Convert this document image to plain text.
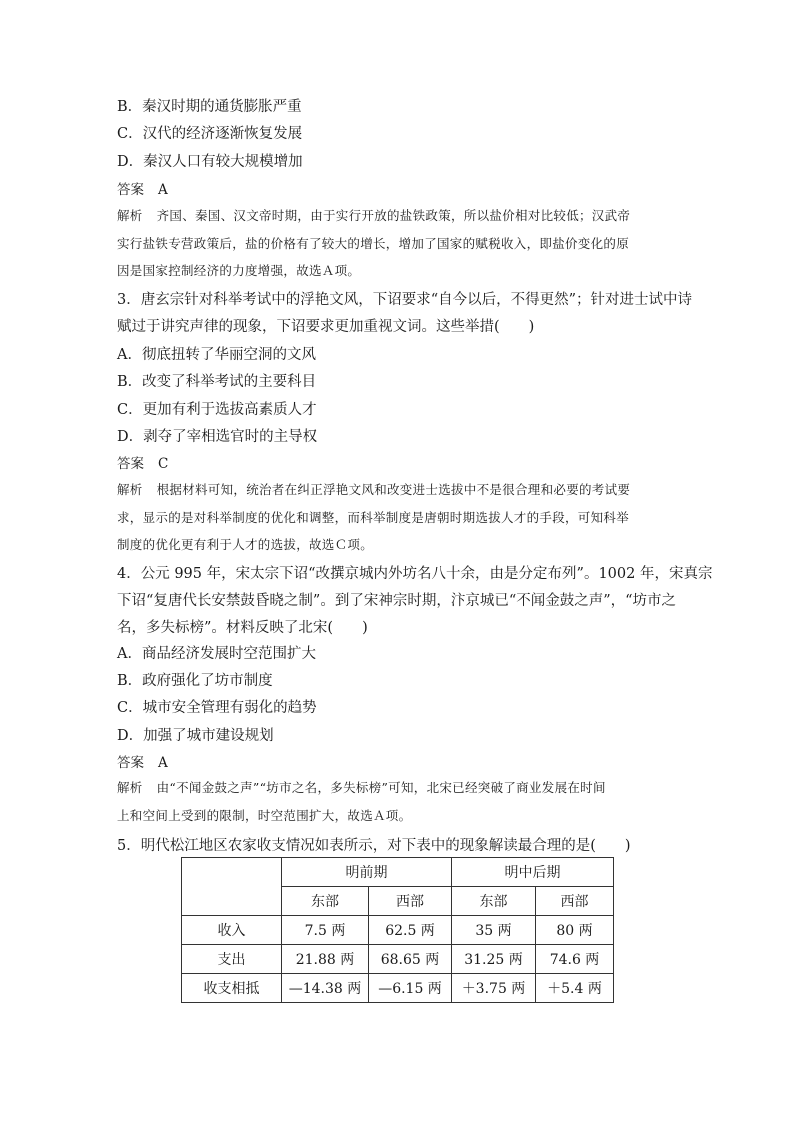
B．秦汉时期的通货膨胀严重
C．汉代的经济逐渐恢复发展
D．秦汉人口有较大规模增加
答案 A
解析 齐国、秦国、汉文帝时期，由于实行开放的盐铁政策，所以盐价相对比较低；汉武帝
实行盐铁专营政策后，盐的价格有了较大的增长，增加了国家的赋税收入，即盐价变化的原
因是国家控制经济的力度增强，故选Ａ项。
3．唐玄宗针对科举考试中的浮艳文风，下诏要求“自今以后，不得更然”；针对进士试中诗
赋过于讲究声律的现象，下诏要求更加重视文词。这些举措(　　)
A．彻底扭转了华丽空洞的文风
B．改变了科举考试的主要科目
C．更加有利于选拔高素质人才
D．剥夺了宰相选官时的主导权
答案 C
解析 根据材料可知，统治者在纠正浮艳文风和改变进士选拔中不是很合理和必要的考试要
求，显示的是对科举制度的优化和调整，而科举制度是唐朝时期选拔人才的手段，可知科举
制度的优化更有利于人才的选拔，故选Ｃ项。
4．公元 995 年，宋太宗下诏“改撰京城内外坊名八十余，由是分定布列”。1002 年，宋真宗
下诏“复唐代长安禁鼓昏晓之制”。到了宋神宗时期，汴京城已“不闻金鼓之声”，“坊市之
名，多失标榜”。材料反映了北宋(　　)
A．商品经济发展时空范围扩大
B．政府强化了坊市制度
C．城市安全管理有弱化的趋势
D．加强了城市建设规划
答案 A
解析 由“不闻金鼓之声”“坊市之名，多失标榜”可知，北宋已经突破了商业发展在时间
上和空间上受到的限制，时空范围扩大，故选Ａ项。
5．明代松江地区农家收支情况如表所示，对下表中的现象解读最合理的是(　　)
	明前期		明中后期	
	东部	西部	东部	西部
收入	7.5 两	62.5 两	35 两	80 两
支出	21.88 两	68.65 两	31.25 两	74.6 两
收支相抵	—14.38 两	—6.15 两	＋3.75 两	＋5.4 两
